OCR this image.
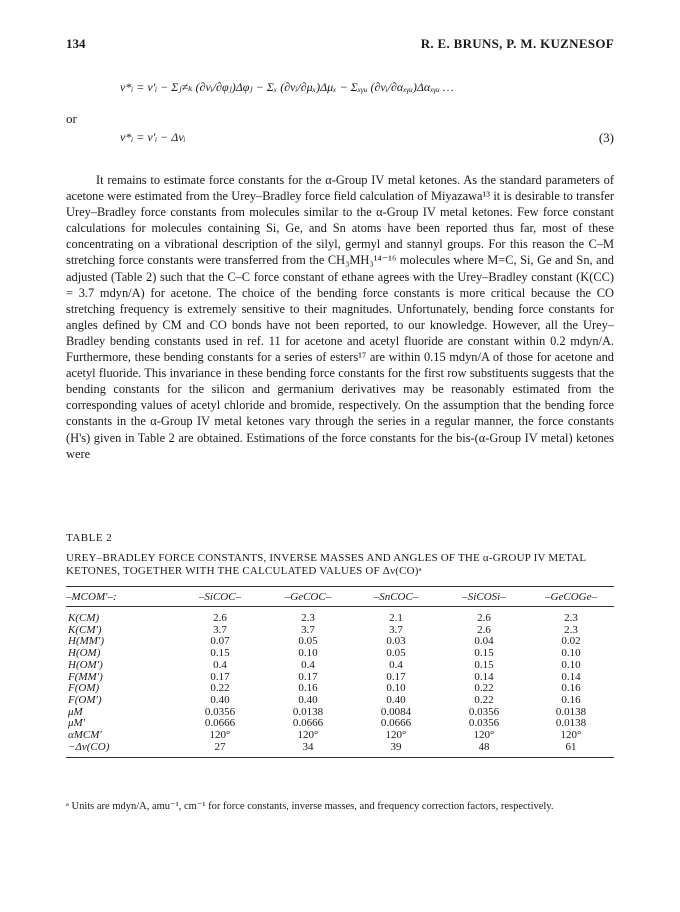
134	R. E. BRUNS, P. M. KUZNESOF
ν*ᵢ = ν′ᵢ − Σⱼ≠ₖ (∂νᵢ/∂φⱼ)Δφⱼ − Σₓ (∂νᵢ/∂μₓ)Δμₓ − Σₓᵧᵤ (∂νᵢ/∂αₓᵧᵤ)Δαₓᵧᵤ …
or
ν*ᵢ = ν′ᵢ − Δνᵢ	(3)

It remains to estimate force constants for the α-Group IV metal ketones. As the standard parameters of acetone were estimated from the Urey–Bradley force field calculation of Miyazawa¹³ it is desirable to transfer Urey–Bradley force constants from molecules similar to the α-Group IV metal ketones. Few force constant calculations for molecules containing Si, Ge, and Sn atoms have been reported thus far, most of these concentrating on a vibrational description of the silyl, germyl and stannyl groups. For this reason the C–M stretching force constants were transferred from the CH₃MH₃¹⁴⁻¹⁶ molecules where M=C, Si, Ge and Sn, and adjusted (Table 2) such that the C–C force constant of ethane agrees with the Urey–Bradley constant (K(CC) = 3.7 mdyn/A) for acetone. The choice of the bending force constants is more critical because the CO stretching frequency is extremely sensitive to their magnitudes. Unfortunately, bending force constants for angles defined by CM and CO bonds have not been reported, to our knowledge. However, all the Urey–Bradley bending constants used in ref. 11 for acetone and acetyl fluoride are constant within 0.2 mdyn/A. Furthermore, these bending constants for a series of esters¹⁷ are within 0.15 mdyn/A of those for acetone and acetyl fluoride. This invariance in these bending force constants for the first row substituents suggests that the bending constants for the silicon and germanium derivatives may be reasonably estimated from the corresponding values of acetyl chloride and bromide, respectively. On the assumption that the bending force constants in the α-Group IV metal ketones vary through the series in a regular manner, the force constants (H's) given in Table 2 are obtained. Estimations of the force constants for the bis-(α-Group IV metal) ketones were

TABLE 2
UREY–BRADLEY FORCE CONSTANTS, INVERSE MASSES AND ANGLES OF THE α-GROUP IV METAL KETONES, TOGETHER WITH THE CALCULATED VALUES OF Δν(CO)ᵃ
–MCOM′–:	–SiCOC–	–GeCOC–	–SnCOC–	–SiCOSi–	–GeCOGe–
K(CM)	2.6	2.3	2.1	2.6	2.3
K(CM′)	3.7	3.7	3.7	2.6	2.3
H(MM′)	0.07	0.05	0.03	0.04	0.02
H(OM)	0.15	0.10	0.05	0.15	0.10
H(OM′)	0.4	0.4	0.4	0.15	0.10
F(MM′)	0.17	0.17	0.17	0.14	0.14
F(OM)	0.22	0.16	0.10	0.22	0.16
F(OM′)	0.40	0.40	0.40	0.22	0.16
μM	0.0356	0.0138	0.0084	0.0356	0.0138
μM′	0.0666	0.0666	0.0666	0.0356	0.0138
αMCM′	120°	120°	120°	120°	120°
−Δν(CO)	27	34	39	48	61
ᵃ Units are mdyn/A, amu⁻¹, cm⁻¹ for force constants, inverse masses, and frequency correction factors, respectively.
